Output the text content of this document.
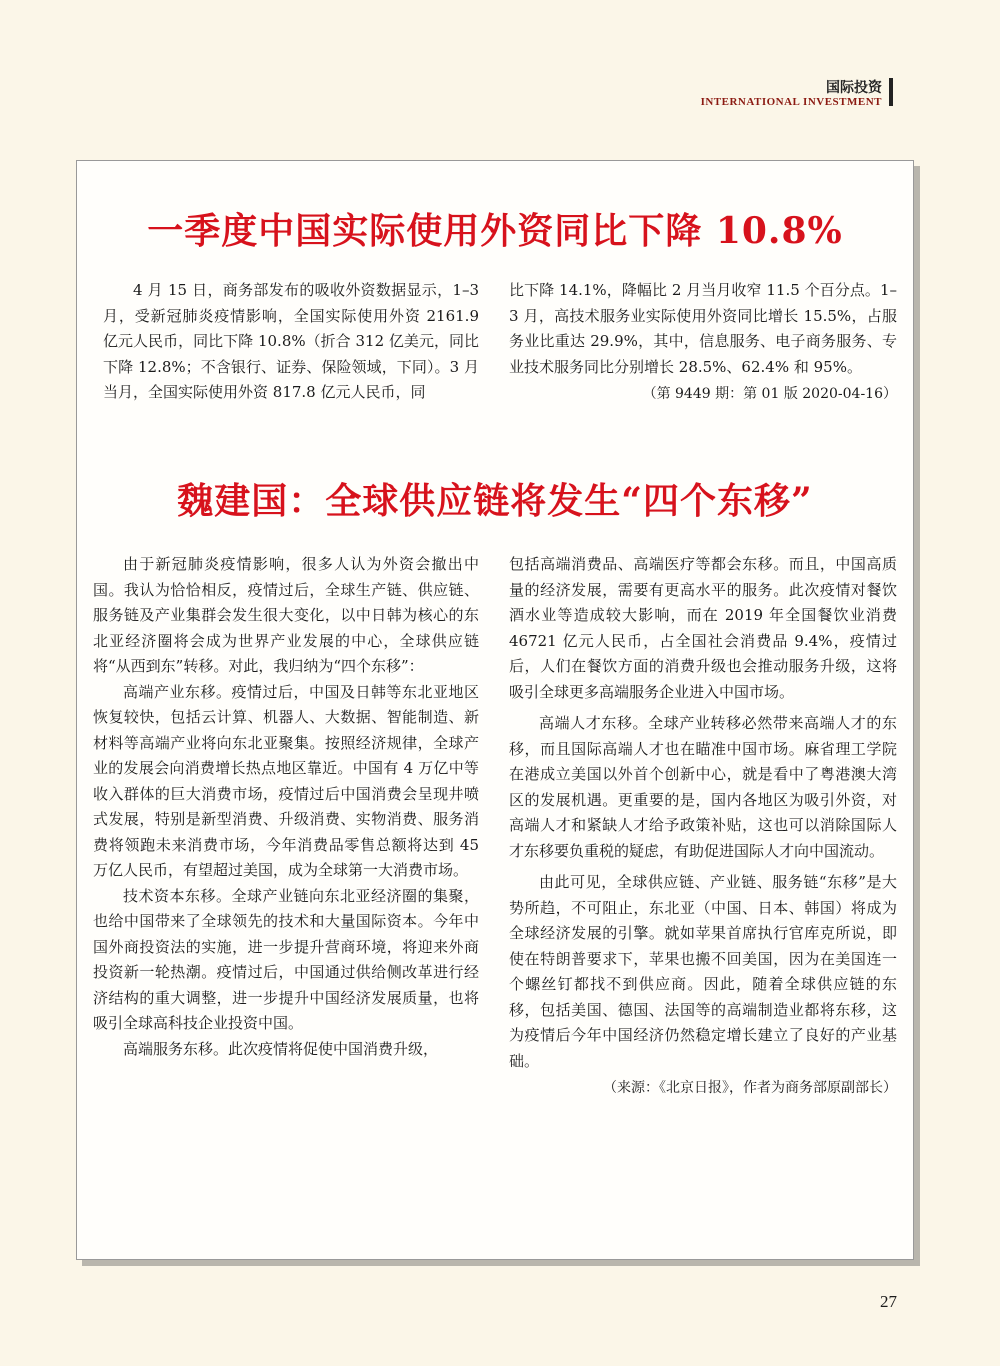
国际投资
INTERNATIONAL INVESTMENT
一季度中国实际使用外资同比下降 10.8%

4 月 15 日，商务部发布的吸收外资数据显示，1–3 月，受新冠肺炎疫情影响，全国实际使用外资 2161.9 亿元人民币，同比下降 10.8%（折合 312 亿美元，同比下降 12.8%；不含银行、证券、保险领域，下同）。3 月当月，全国实际使用外资 817.8 亿元人民币，同

比下降 14.1%，降幅比 2 月当月收窄 11.5 个百分点。1–3 月，高技术服务业实际使用外资同比增长 15.5%，占服务业比重达 29.9%，其中，信息服务、电子商务服务、专业技术服务同比分别增长 28.5%、62.4% 和 95%。

（第 9449 期：第 01 版 2020-04-16）
魏建国：全球供应链将发生“四个东移”

由于新冠肺炎疫情影响，很多人认为外资会撤出中国。我认为恰恰相反，疫情过后，全球生产链、供应链、服务链及产业集群会发生很大变化，以中日韩为核心的东北亚经济圈将会成为世界产业发展的中心，全球供应链将“从西到东”转移。对此，我归纳为“四个东移”：

高端产业东移。疫情过后，中国及日韩等东北亚地区恢复较快，包括云计算、机器人、大数据、智能制造、新材料等高端产业将向东北亚聚集。按照经济规律，全球产业的发展会向消费增长热点地区靠近。中国有 4 万亿中等收入群体的巨大消费市场，疫情过后中国消费会呈现井喷式发展，特别是新型消费、升级消费、实物消费、服务消费将领跑未来消费市场，今年消费品零售总额将达到 45 万亿人民币，有望超过美国，成为全球第一大消费市场。

技术资本东移。全球产业链向东北亚经济圈的集聚，也给中国带来了全球领先的技术和大量国际资本。今年中国外商投资法的实施，进一步提升营商环境，将迎来外商投资新一轮热潮。疫情过后，中国通过供给侧改革进行经济结构的重大调整，进一步提升中国经济发展质量，也将吸引全球高科技企业投资中国。

高端服务东移。此次疫情将促使中国消费升级，

包括高端消费品、高端医疗等都会东移。而且，中国高质量的经济发展，需要有更高水平的服务。此次疫情对餐饮酒水业等造成较大影响，而在 2019 年全国餐饮业消费 46721 亿元人民币，占全国社会消费品 9.4%，疫情过后，人们在餐饮方面的消费升级也会推动服务升级，这将吸引全球更多高端服务企业进入中国市场。

高端人才东移。全球产业转移必然带来高端人才的东移，而且国际高端人才也在瞄准中国市场。麻省理工学院在港成立美国以外首个创新中心，就是看中了粤港澳大湾区的发展机遇。更重要的是，国内各地区为吸引外资，对高端人才和紧缺人才给予政策补贴，这也可以消除国际人才东移要负重税的疑虑，有助促进国际人才向中国流动。

由此可见，全球供应链、产业链、服务链“东移”是大势所趋，不可阻止，东北亚（中国、日本、韩国）将成为全球经济发展的引擎。就如苹果首席执行官库克所说，即使在特朗普要求下，苹果也搬不回美国，因为在美国连一个螺丝钉都找不到供应商。因此，随着全球供应链的东移，包括美国、德国、法国等的高端制造业都将东移，这为疫情后今年中国经济仍然稳定增长建立了良好的产业基础。

（来源：《北京日报》，作者为商务部原副部长）
27
